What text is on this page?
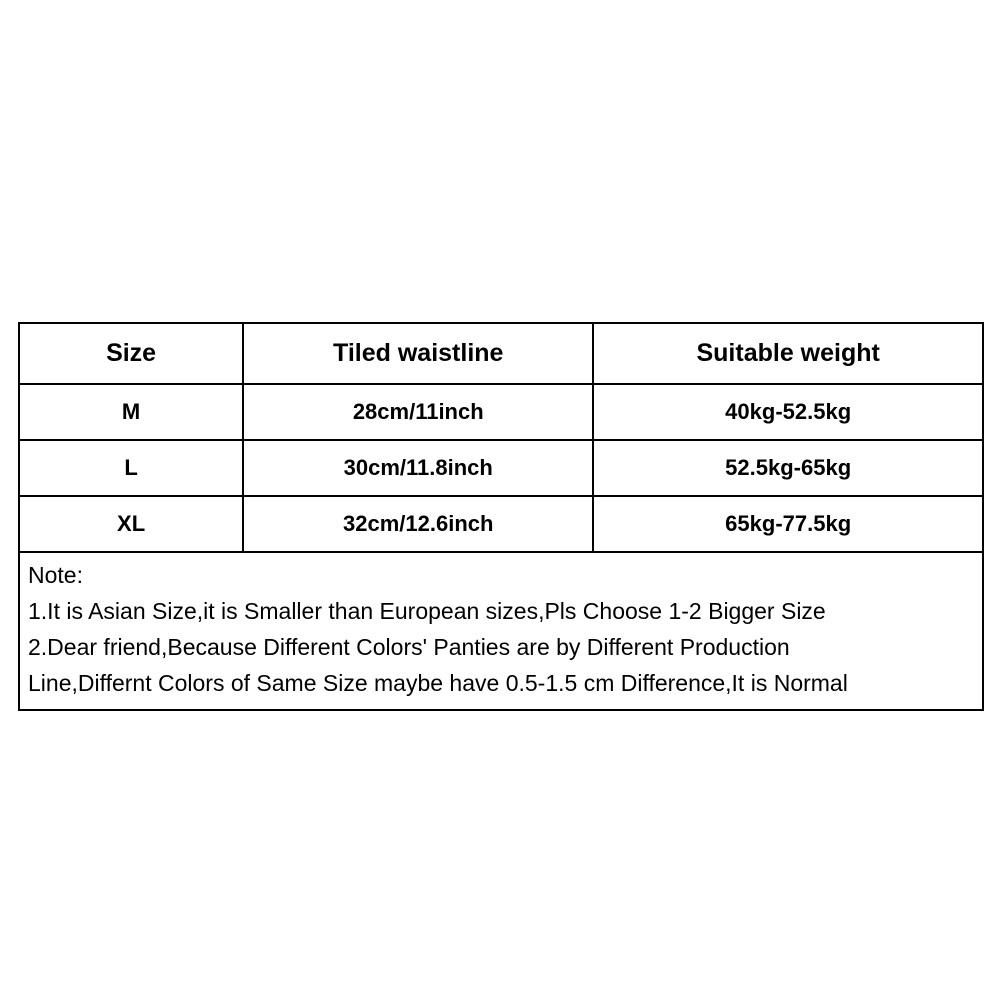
Size	Tiled waistline	Suitable weight
M	28cm/11inch	40kg-52.5kg
L	30cm/11.8inch	52.5kg-65kg
XL	32cm/12.6inch	65kg-77.5kg
Note:
1.It is Asian Size,it is Smaller than European sizes,Pls Choose 1-2 Bigger Size
2.Dear friend,Because Different Colors' Panties are by Different Production
Line,Differnt Colors of Same Size maybe have 0.5-1.5 cm Difference,It is Normal
